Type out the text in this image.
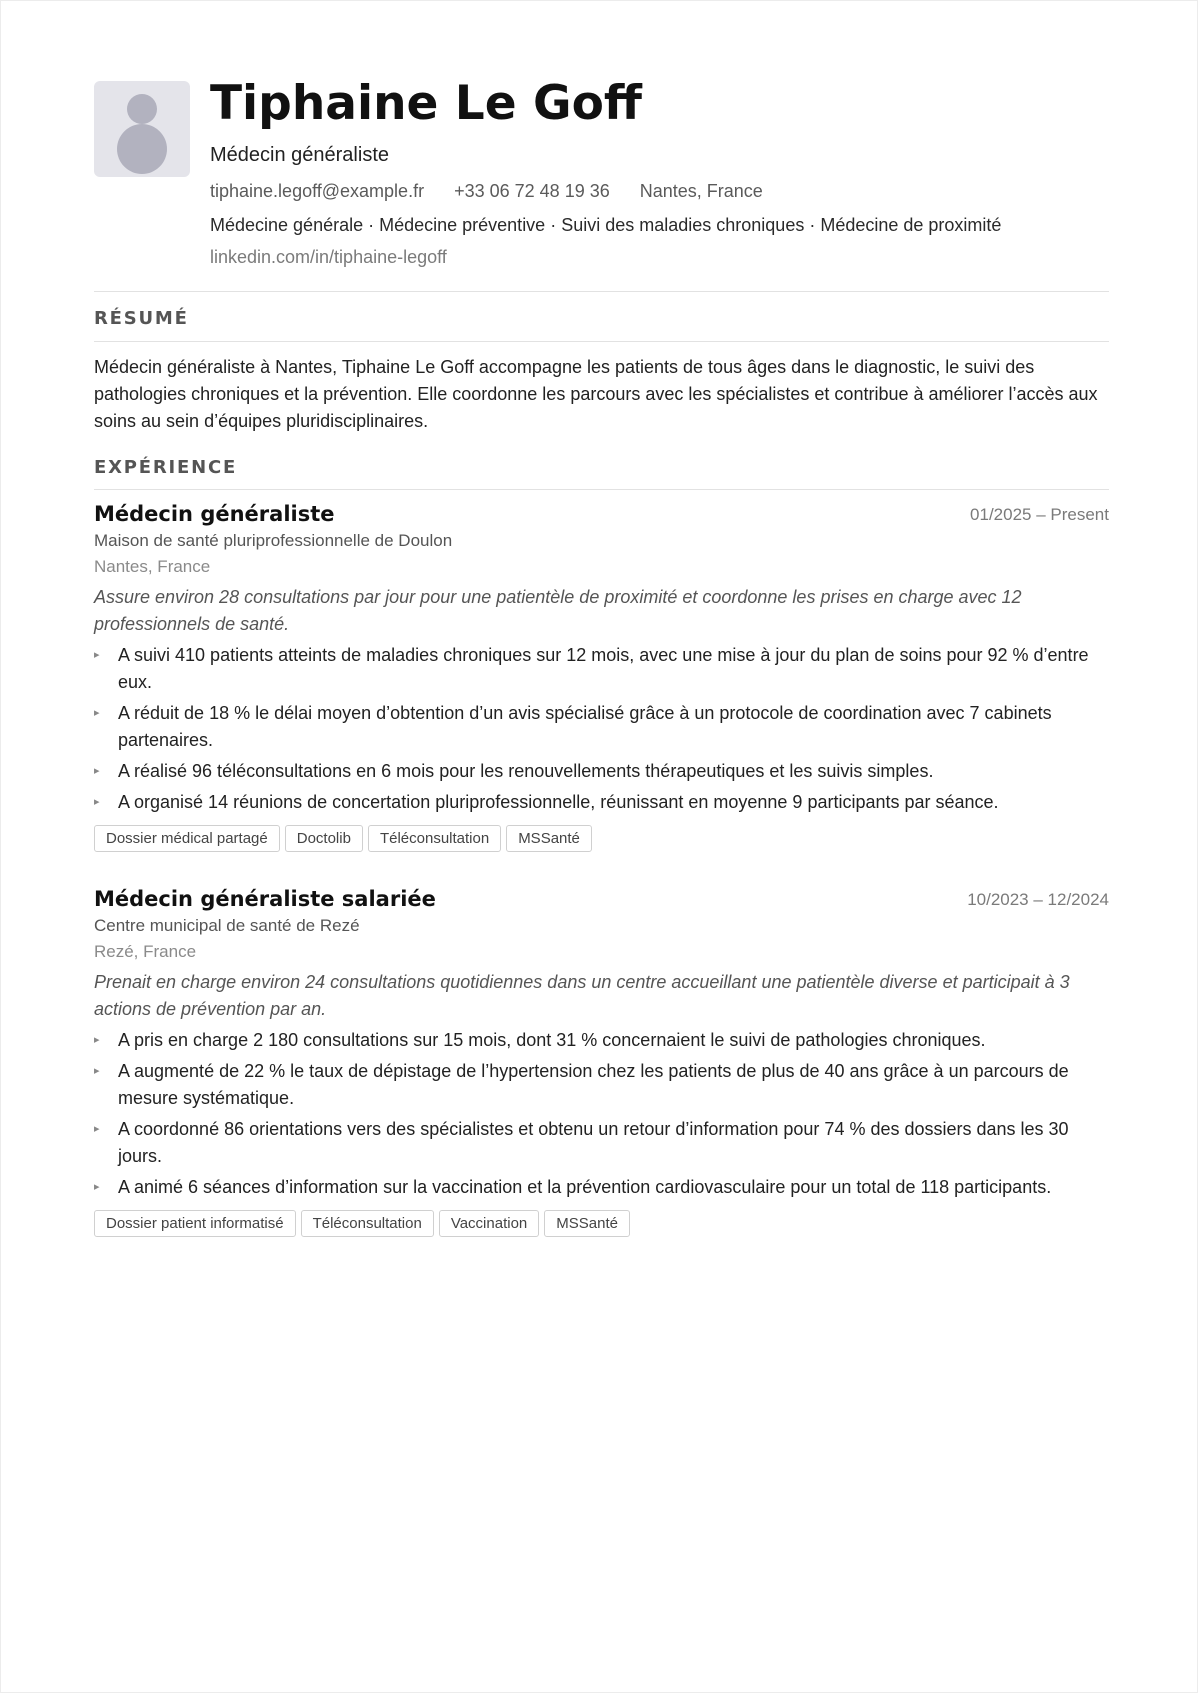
Tiphaine Le Goff
Médecin généraliste
tiphaine.legoff@example.fr +33 06 72 48 19 36 Nantes, France
Médecine générale · Médecine préventive · Suivi des maladies chroniques · Médecine de proximité
linkedin.com/in/tiphaine-legoff
RÉSUMÉ
Médecin généraliste à Nantes, Tiphaine Le Goff accompagne les patients de tous âges dans le diagnostic, le suivi des pathologies chroniques et la prévention. Elle coordonne les parcours avec les spécialistes et contribue à améliorer l’accès aux soins au sein d’équipes pluridisciplinaires.
EXPÉRIENCE
Médecin généraliste	01/2025 – Present
Maison de santé pluriprofessionnelle de Doulon
Nantes, France
Assure environ 28 consultations par jour pour une patientèle de proximité et coordonne les prises en charge avec 12 professionnels de santé.
▸ A suivi 410 patients atteints de maladies chroniques sur 12 mois, avec une mise à jour du plan de soins pour 92 % d’entre eux.
▸ A réduit de 18 % le délai moyen d’obtention d’un avis spécialisé grâce à un protocole de coordination avec 7 cabinets partenaires.
▸ A réalisé 96 téléconsultations en 6 mois pour les renouvellements thérapeutiques et les suivis simples.
▸ A organisé 14 réunions de concertation pluriprofessionnelle, réunissant en moyenne 9 participants par séance.
Dossier médical partagé	Doctolib	Téléconsultation	MSSanté
Médecin généraliste salariée	10/2023 – 12/2024
Centre municipal de santé de Rezé
Rezé, France
Prenait en charge environ 24 consultations quotidiennes dans un centre accueillant une patientèle diverse et participait à 3 actions de prévention par an.
▸ A pris en charge 2 180 consultations sur 15 mois, dont 31 % concernaient le suivi de pathologies chroniques.
▸ A augmenté de 22 % le taux de dépistage de l’hypertension chez les patients de plus de 40 ans grâce à un parcours de mesure systématique.
▸ A coordonné 86 orientations vers des spécialistes et obtenu un retour d’information pour 74 % des dossiers dans les 30 jours.
▸ A animé 6 séances d’information sur la vaccination et la prévention cardiovasculaire pour un total de 118 participants.
Dossier patient informatisé	Téléconsultation	Vaccination	MSSanté
